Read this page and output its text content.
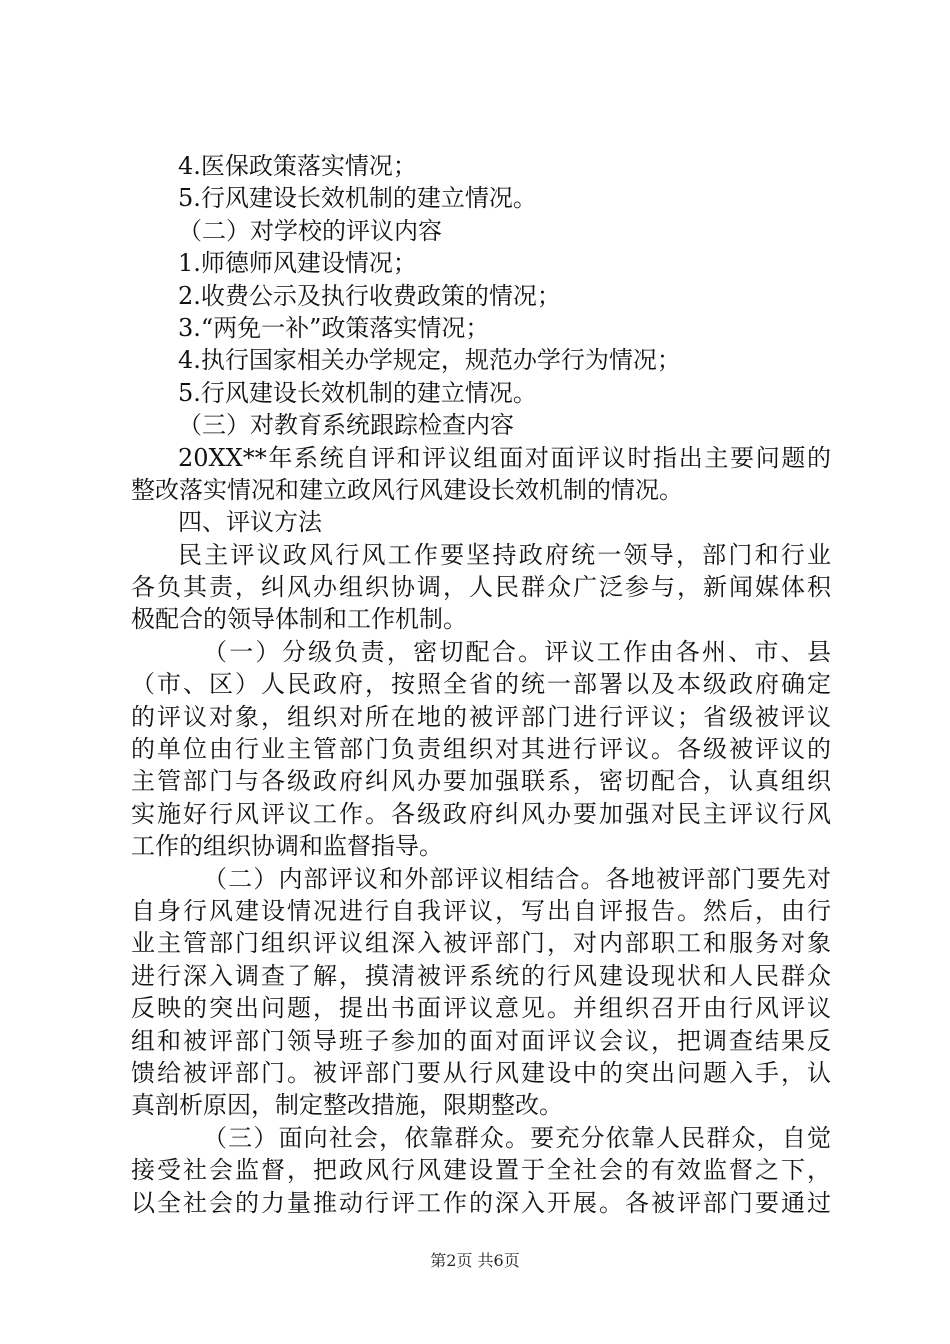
4.医保政策落实情况；
5.行风建设长效机制的建立情况。
（二）对学校的评议内容
1.师德师风建设情况；
2.收费公示及执行收费政策的情况；
3.“两免一补”政策落实情况；
4.执行国家相关办学规定，规范办学行为情况；
5.行风建设长效机制的建立情况。
（三）对教育系统跟踪检查内容
20XX**年系统自评和评议组面对面评议时指出主要问题的
整改落实情况和建立政风行风建设长效机制的情况。
四、评议方法
民主评议政风行风工作要坚持政府统一领导，部门和行业
各负其责，纠风办组织协调，人民群众广泛参与，新闻媒体积
极配合的领导体制和工作机制。
（一）分级负责，密切配合。评议工作由各州、市、县
（市、区）人民政府，按照全省的统一部署以及本级政府确定
的评议对象，组织对所在地的被评部门进行评议；省级被评议
的单位由行业主管部门负责组织对其进行评议。各级被评议的
主管部门与各级政府纠风办要加强联系，密切配合，认真组织
实施好行风评议工作。各级政府纠风办要加强对民主评议行风
工作的组织协调和监督指导。
（二）内部评议和外部评议相结合。各地被评部门要先对
自身行风建设情况进行自我评议，写出自评报告。然后，由行
业主管部门组织评议组深入被评部门，对内部职工和服务对象
进行深入调查了解，摸清被评系统的行风建设现状和人民群众
反映的突出问题，提出书面评议意见。并组织召开由行风评议
组和被评部门领导班子参加的面对面评议会议，把调查结果反
馈给被评部门。被评部门要从行风建设中的突出问题入手，认
真剖析原因，制定整改措施，限期整改。
（三）面向社会，依靠群众。要充分依靠人民群众，自觉
接受社会监督，把政风行风建设置于全社会的有效监督之下，
以全社会的力量推动行评工作的深入开展。各被评部门要通过
第2页 共6页
